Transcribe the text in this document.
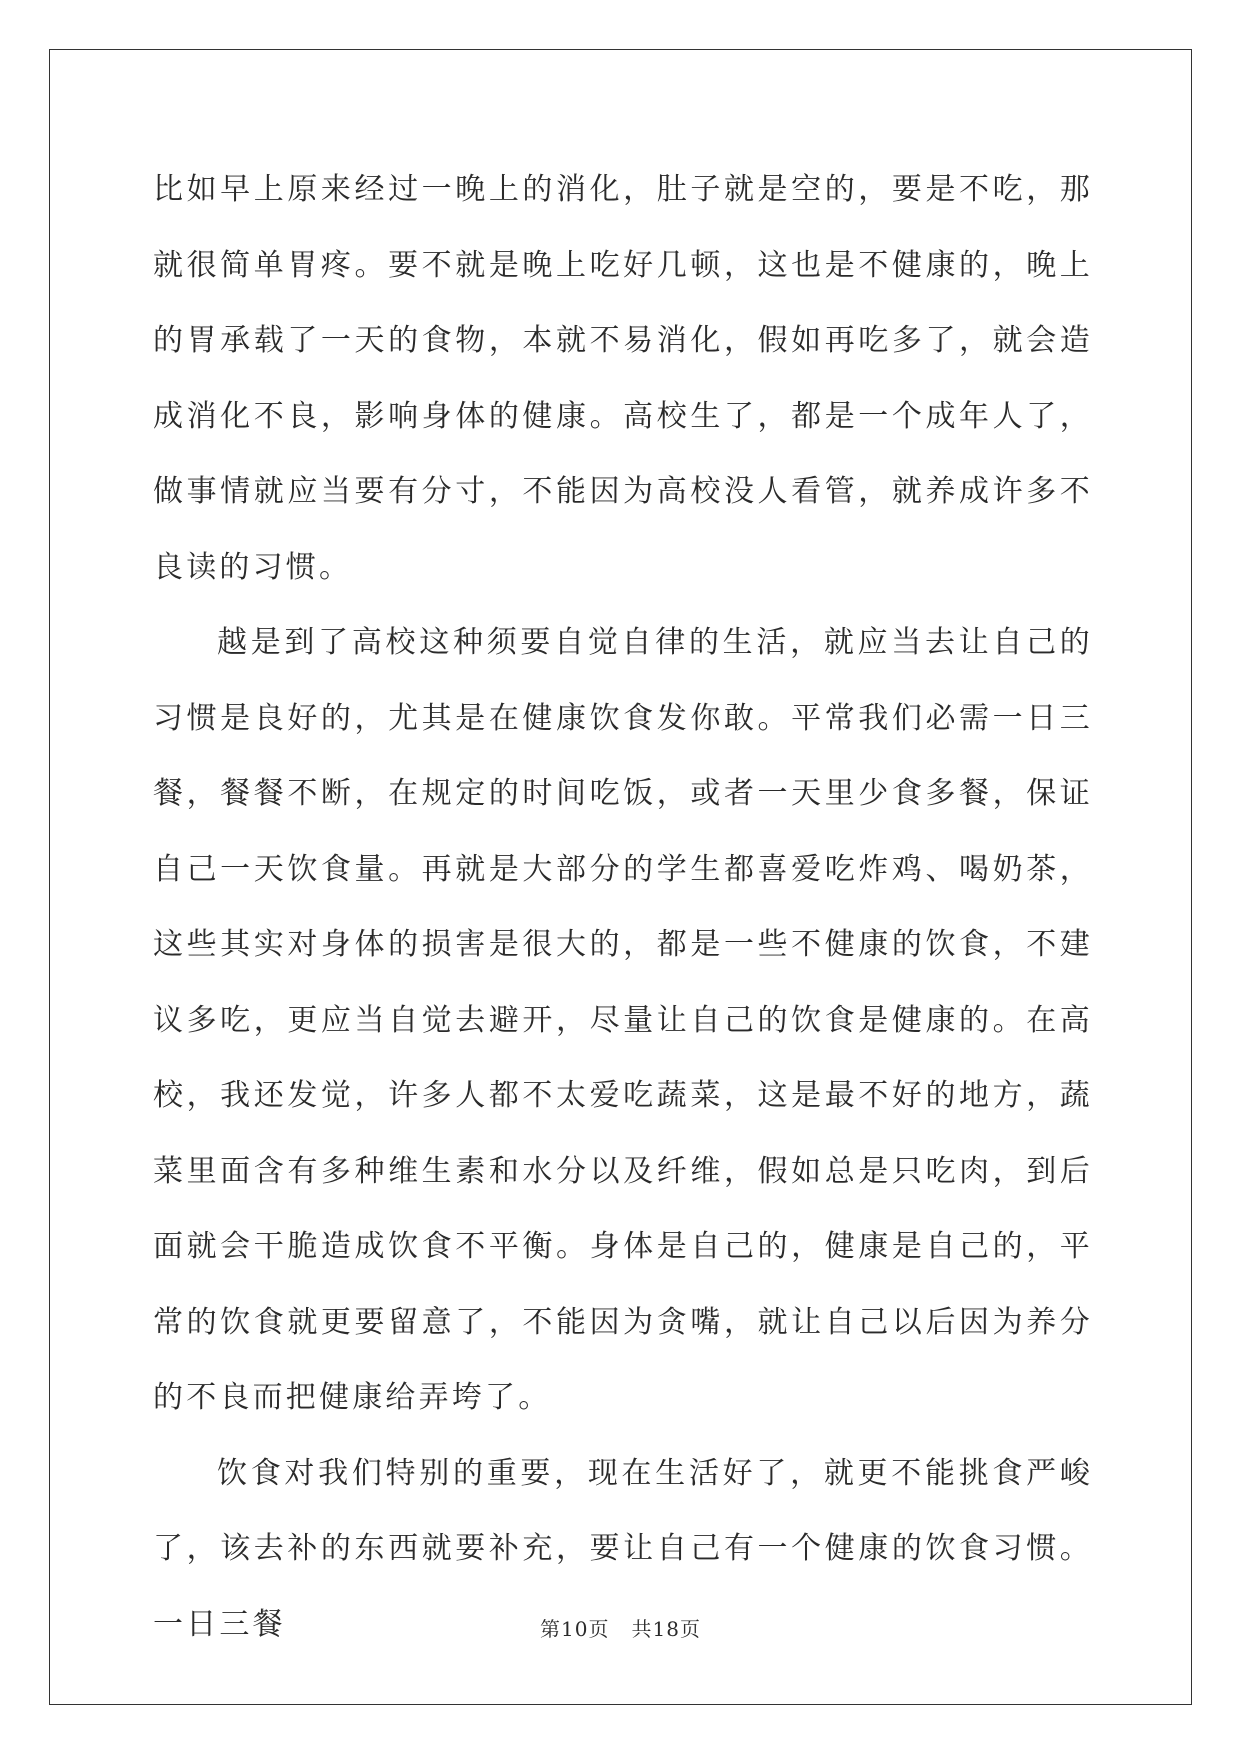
比如早上原来经过一晚上的消化，肚子就是空的，要是不吃，那就很简单胃疼。要不就是晚上吃好几顿，这也是不健康的，晚上的胃承载了一天的食物，本就不易消化，假如再吃多了，就会造成消化不良，影响身体的健康。高校生了，都是一个成年人了，做事情就应当要有分寸，不能因为高校没人看管，就养成许多不良读的习惯。

越是到了高校这种须要自觉自律的生活，就应当去让自己的习惯是良好的，尤其是在健康饮食发你敢。平常我们必需一日三餐，餐餐不断，在规定的时间吃饭，或者一天里少食多餐，保证自己一天饮食量。再就是大部分的学生都喜爱吃炸鸡、喝奶茶，这些其实对身体的损害是很大的，都是一些不健康的饮食，不建议多吃，更应当自觉去避开，尽量让自己的饮食是健康的。在高校，我还发觉，许多人都不太爱吃蔬菜，这是最不好的地方，蔬菜里面含有多种维生素和水分以及纤维，假如总是只吃肉，到后面就会干脆造成饮食不平衡。身体是自己的，健康是自己的，平常的饮食就更要留意了，不能因为贪嘴，就让自己以后因为养分的不良而把健康给弄垮了。

饮食对我们特别的重要，现在生活好了，就更不能挑食严峻了，该去补的东西就要补充，要让自己有一个健康的饮食习惯。一日三餐	第10页 共18页
